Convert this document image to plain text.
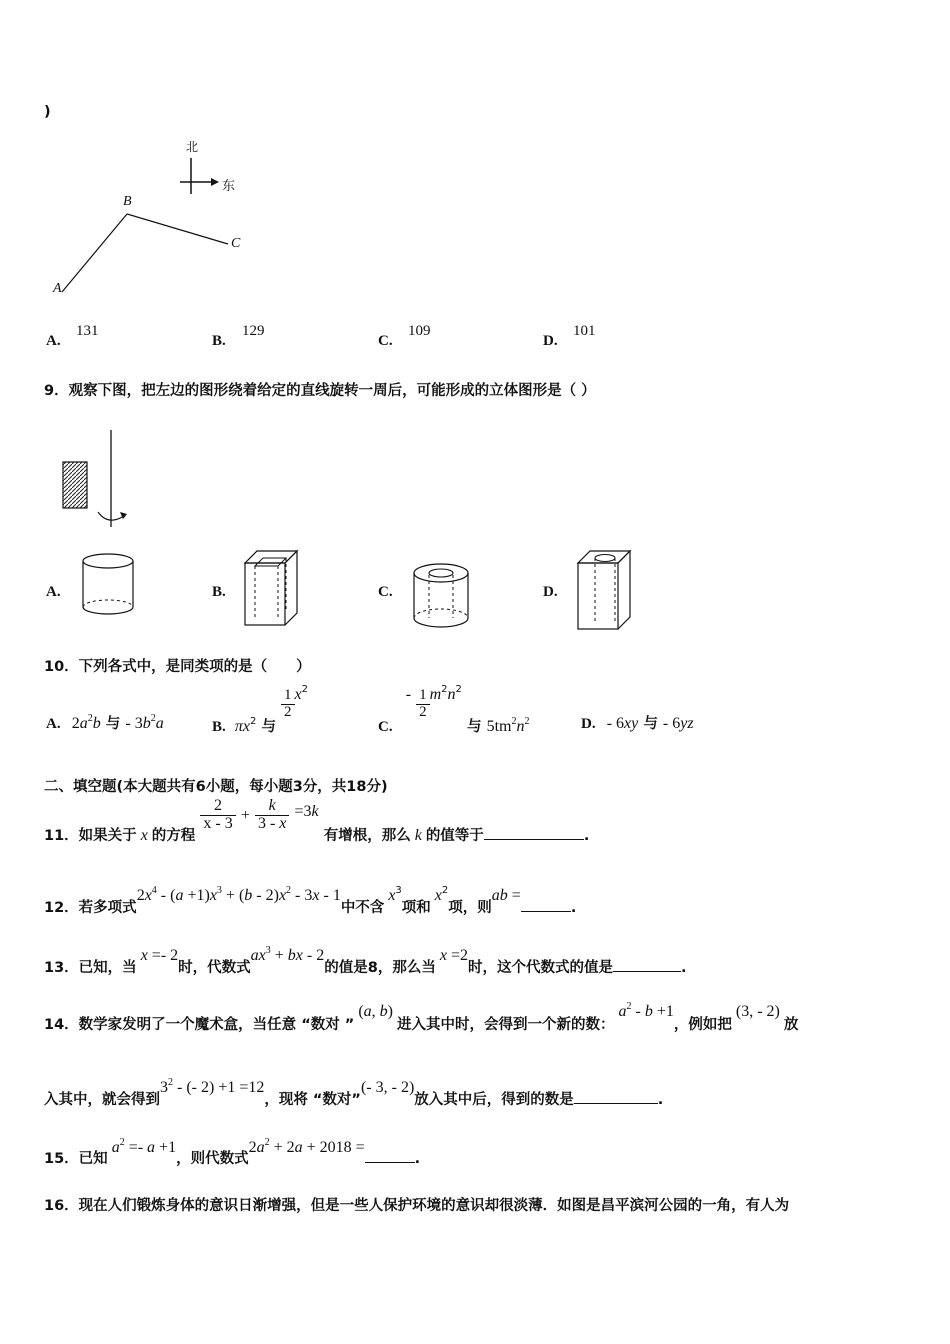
)
北
东
B
C
A
A.
131
B.
129
C.
109
D.
101
9．观察下图，把左边的图形绕着给定的直线旋转一周后，可能形成的立体图形是（ ）
A.	B.	C.	D.
10．下列各式中，是同类项的是（　　）
A. $2a^2b$ 与 - $3b^2a$	B. $\pi x^2$ 与
$\frac{1}{2} x^2$
C. - $\frac{1}{2} m^2n^2$ 与 $5tm^2n^2$	D. - 6xy 与 - 6yz
二、填空题(本大题共有6小题，每小题3分，共18分)
11．如果关于 x 的方程
$\frac{2}{x - 3} + \frac{k}{3 - x} =3k$ 有增根，那么 k 的值等于	.
12．若多项式$2x^4 - (a +1)x^3 + (b - 2)x^2 - 3x - 1$中不含 $x^3$项和 $x^2$项，则ab =.
13．已知，当 x =- 2时，代数式$ax^3$ + bx - 2的值是8，那么当 x =2时，这个代数式的值是	.
14．数学家发明了一个魔术盒，当任意 “数对 ” (a, b) 进入其中时，会得到一个新的数： $a^2 - b +1$，例如把 (3, - 2) 放
入其中，就会得到$3^2$ - (- 2) +1 =12，现将 “数对”(- 3, - 2)放入其中后，得到的数是	.
15．已知 $a^2 =- a +1$，则代数式$2a^2 + 2a + 2018$ =.
16．现在人们锻炼身体的意识日渐增强，但是一些人保护环境的意识却很淡薄．如图是昌平滨河公园的一角，有人为
